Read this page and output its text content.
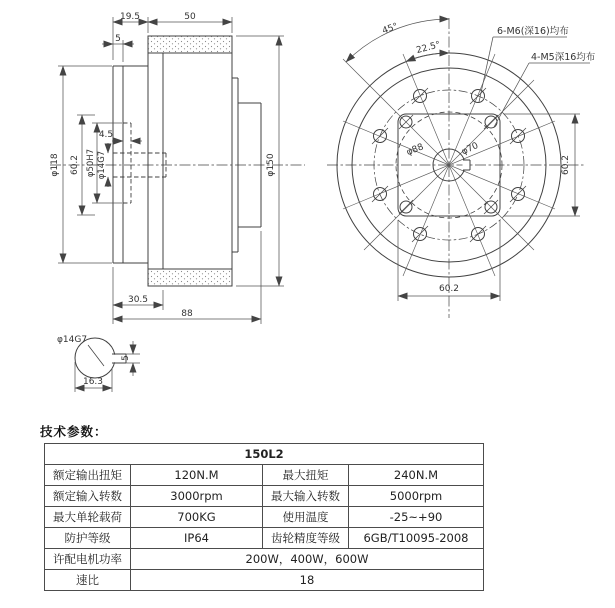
19.5	50
5
4.5
φ118 60.2 φ50H7 φ14G7	φ150
30.5
88
φ14G7
16.3
5
45°
22.5°
6-M6(深16)均布
4-M5深16均布
φ88	φ70
60.2
60.2
技术参数：
150L2			
额定输出扭矩	120N.M	最大扭矩	240N.M
额定输入转数	3000rpm	最大输入转数	5000rpm
最大单轮载荷	700KG	使用温度	-25~+90
防护等级	IP64	齿轮精度等级	6GB/T10095-2008
许配电机功率	200W，400W，600W		
速比	18		
